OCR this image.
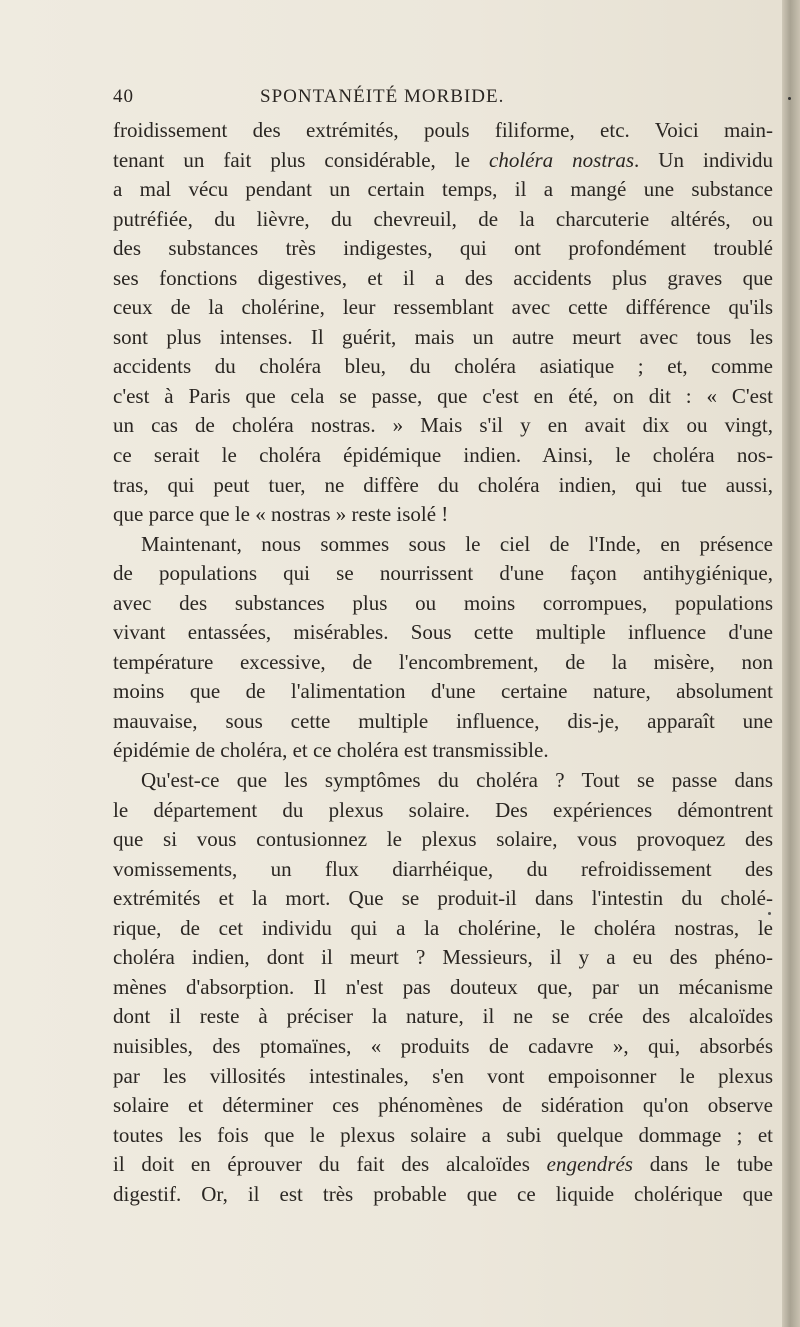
40	SPONTANÉITÉ MORBIDE.
froidissement des extrémités, pouls filiforme, etc. Voici main-
tenant un fait plus considérable, le choléra nostras. Un individu
a mal vécu pendant un certain temps, il a mangé une substance
putréfiée, du lièvre, du chevreuil, de la charcuterie altérés, ou
des substances très indigestes, qui ont profondément troublé
ses fonctions digestives, et il a des accidents plus graves que
ceux de la cholérine, leur ressemblant avec cette différence qu'ils
sont plus intenses. Il guérit, mais un autre meurt avec tous les
accidents du choléra bleu, du choléra asiatique ; et, comme
c'est à Paris que cela se passe, que c'est en été, on dit : « C'est
un cas de choléra nostras. » Mais s'il y en avait dix ou vingt,
ce serait le choléra épidémique indien. Ainsi, le choléra nos-
tras, qui peut tuer, ne diffère du choléra indien, qui tue aussi,
que parce que le « nostras » reste isolé !
Maintenant, nous sommes sous le ciel de l'Inde, en présence
de populations qui se nourrissent d'une façon antihygiénique,
avec des substances plus ou moins corrompues, populations
vivant entassées, misérables. Sous cette multiple influence d'une
température excessive, de l'encombrement, de la misère, non
moins que de l'alimentation d'une certaine nature, absolument
mauvaise, sous cette multiple influence, dis-je, apparaît une
épidémie de choléra, et ce choléra est transmissible.
Qu'est-ce que les symptômes du choléra ? Tout se passe dans
le département du plexus solaire. Des expériences démontrent
que si vous contusionnez le plexus solaire, vous provoquez des
vomissements, un flux diarrhéique, du refroidissement des
extrémités et la mort. Que se produit-il dans l'intestin du cholé-
rique, de cet individu qui a la cholérine, le choléra nostras, le
choléra indien, dont il meurt ? Messieurs, il y a eu des phéno-
mènes d'absorption. Il n'est pas douteux que, par un mécanisme
dont il reste à préciser la nature, il ne se crée des alcaloïdes
nuisibles, des ptomaïnes, « produits de cadavre », qui, absorbés
par les villosités intestinales, s'en vont empoisonner le plexus
solaire et déterminer ces phénomènes de sidération qu'on observe
toutes les fois que le plexus solaire a subi quelque dommage ; et
il doit en éprouver du fait des alcaloïdes engendrés dans le tube
digestif. Or, il est très probable que ce liquide cholérique que
